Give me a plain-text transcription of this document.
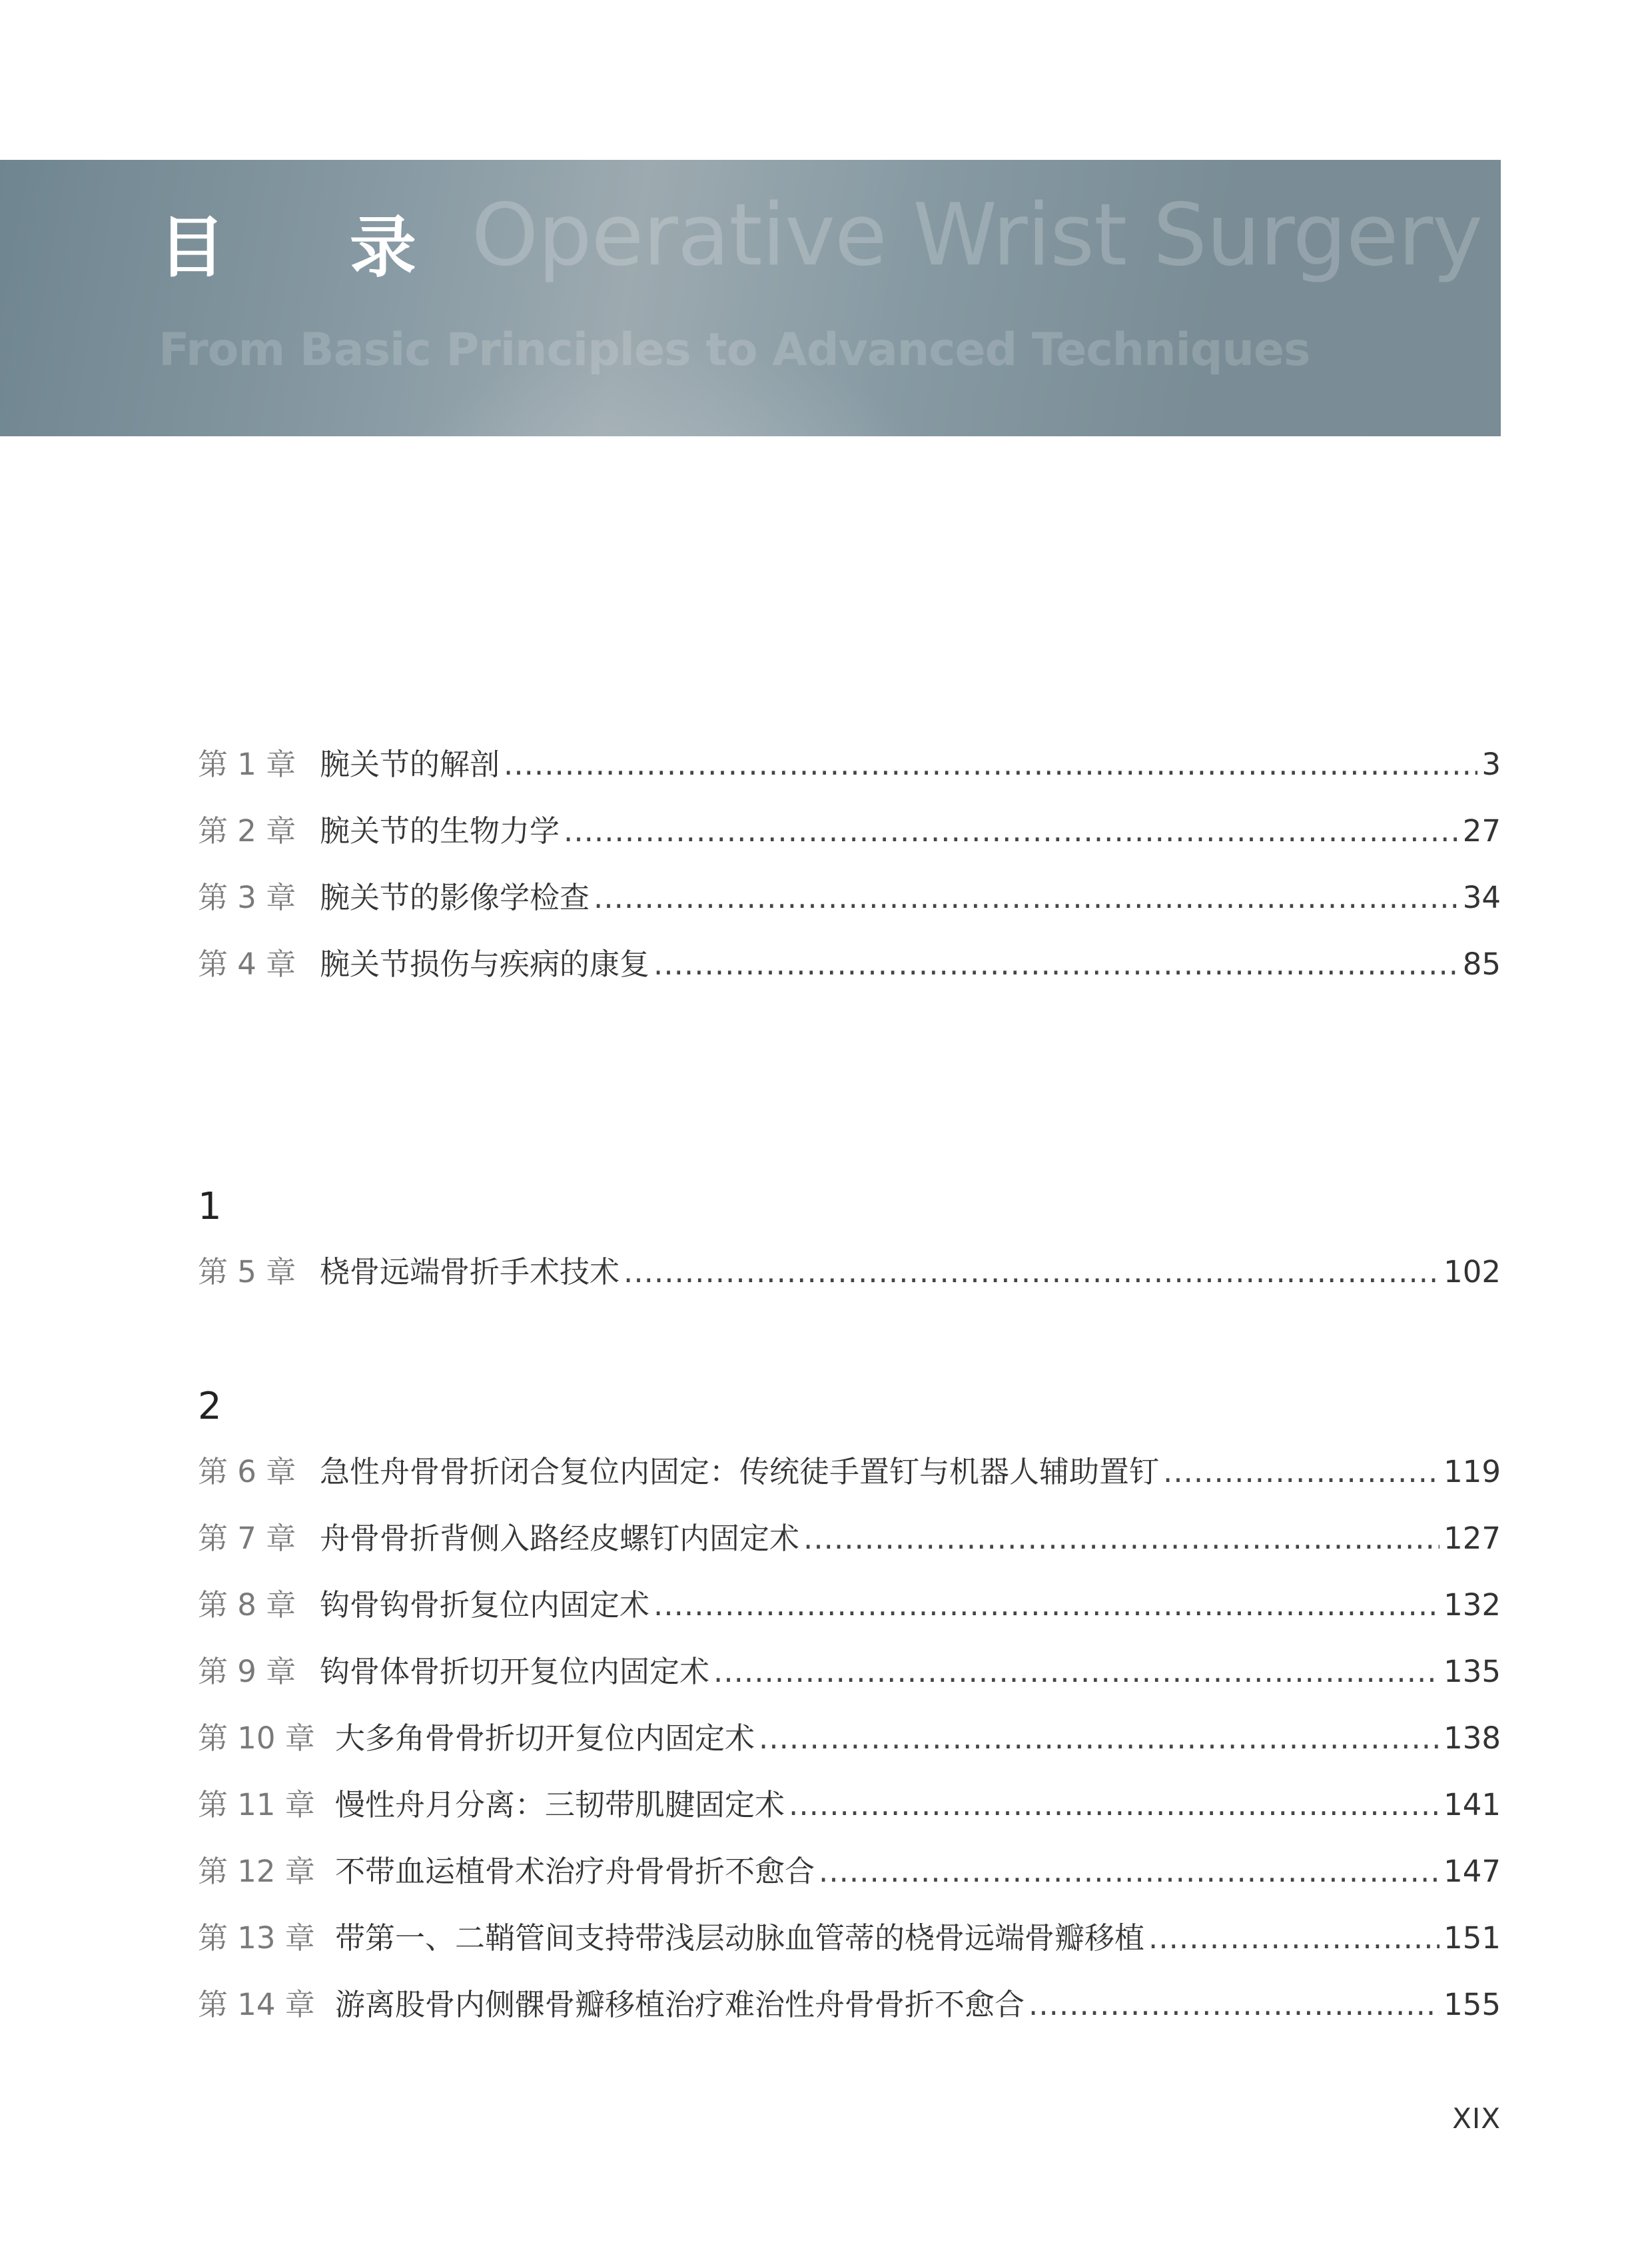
Operative Wrist Surgery
目 录
From Basic Principles to Advanced Techniques
第 1 章 腕关节的解剖 .....	3
第 2 章 腕关节的生物力学 .....	27
第 3 章 腕关节的影像学检查 .....	34
第 4 章 腕关节损伤与疾病的康复 .....	85
1
第 5 章 桡骨远端骨折手术技术 .....	102
2
第 6 章 急性舟骨骨折闭合复位内固定：传统徒手置钉与机器人辅助置钉 .....	119
第 7 章 舟骨骨折背侧入路经皮螺钉内固定术 .....	127
第 8 章 钩骨钩骨折复位内固定术 .....	132
第 9 章 钩骨体骨折切开复位内固定术 .....	135
第 10 章 大多角骨骨折切开复位内固定术 .....	138
第 11 章 慢性舟月分离：三韧带肌腱固定术 .....	141
第 12 章 不带血运植骨术治疗舟骨骨折不愈合 .....	147
第 13 章 带第一、二鞘管间支持带浅层动脉血管蒂的桡骨远端骨瓣移植 .....	151
第 14 章 游离股骨内侧髁骨瓣移植治疗难治性舟骨骨折不愈合 .....	155
XIX
